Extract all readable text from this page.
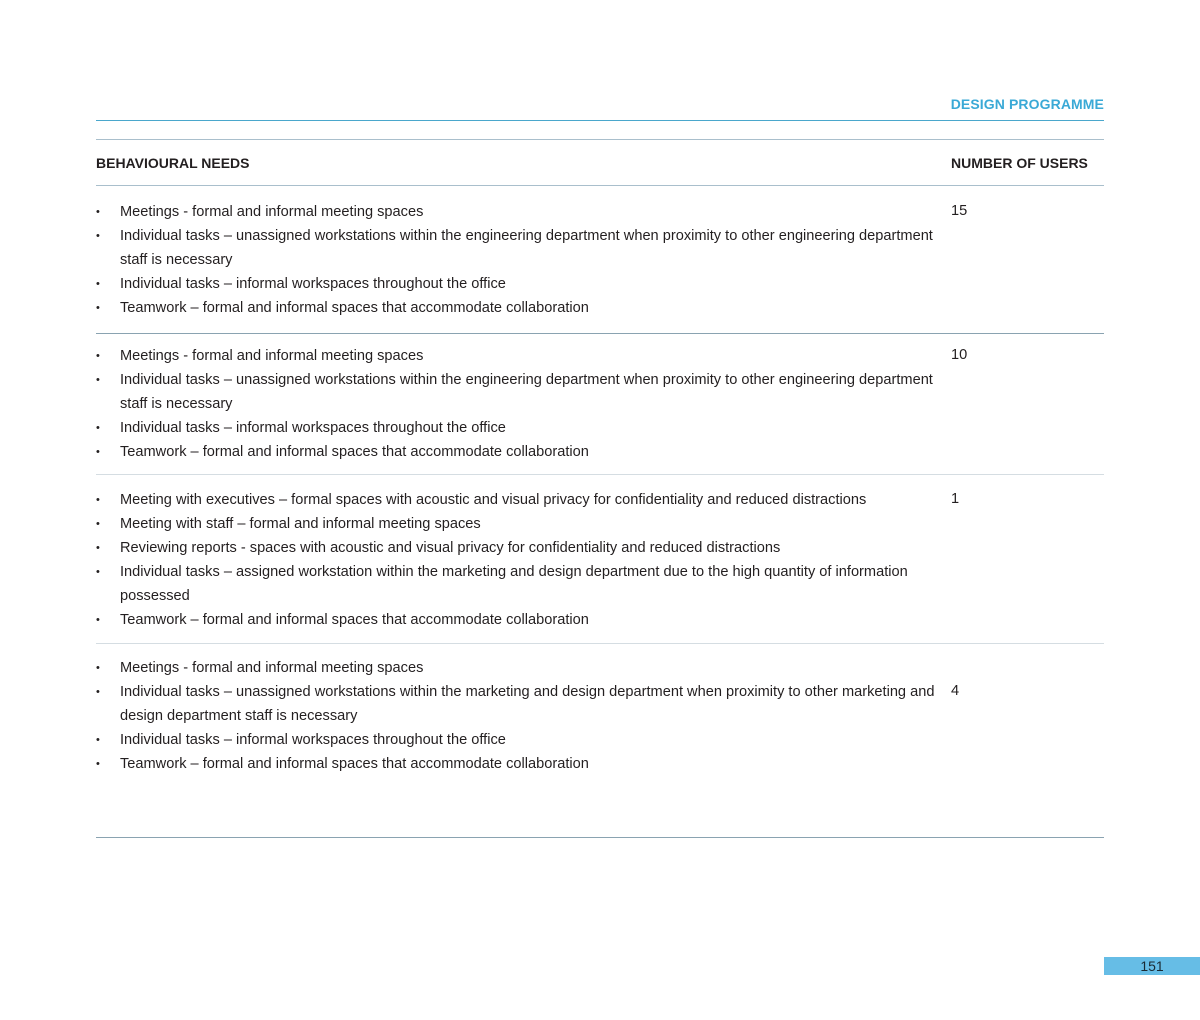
DESIGN PROGRAMME
BEHAVIOURAL NEEDS	NUMBER OF USERS
• Meetings - formal and informal meeting spaces
• Individual tasks – unassigned workstations within the engineering department when proximity to other engineering department staff is necessary
• Individual tasks – informal workspaces throughout the office
• Teamwork – formal and informal spaces that accommodate collaboration
15
• Meetings - formal and informal meeting spaces
• Individual tasks – unassigned workstations within the engineering department when proximity to other engineering department staff is necessary
• Individual tasks – informal workspaces throughout the office
• Teamwork – formal and informal spaces that accommodate collaboration
10
• Meeting with executives – formal spaces with acoustic and visual privacy for confidentiality and reduced distractions
• Meeting with staff – formal and informal meeting spaces
• Reviewing reports - spaces with acoustic and visual privacy for confidentiality and reduced distractions
• Individual tasks – assigned workstation within the marketing and design department due to the high quantity of information possessed
• Teamwork – formal and informal spaces that accommodate collaboration
1
• Meetings - formal and informal meeting spaces
• Individual tasks – unassigned workstations within the marketing and design department when proximity to other marketing and design department staff is necessary
• Individual tasks – informal workspaces throughout the office
• Teamwork – formal and informal spaces that accommodate collaboration
4
151
